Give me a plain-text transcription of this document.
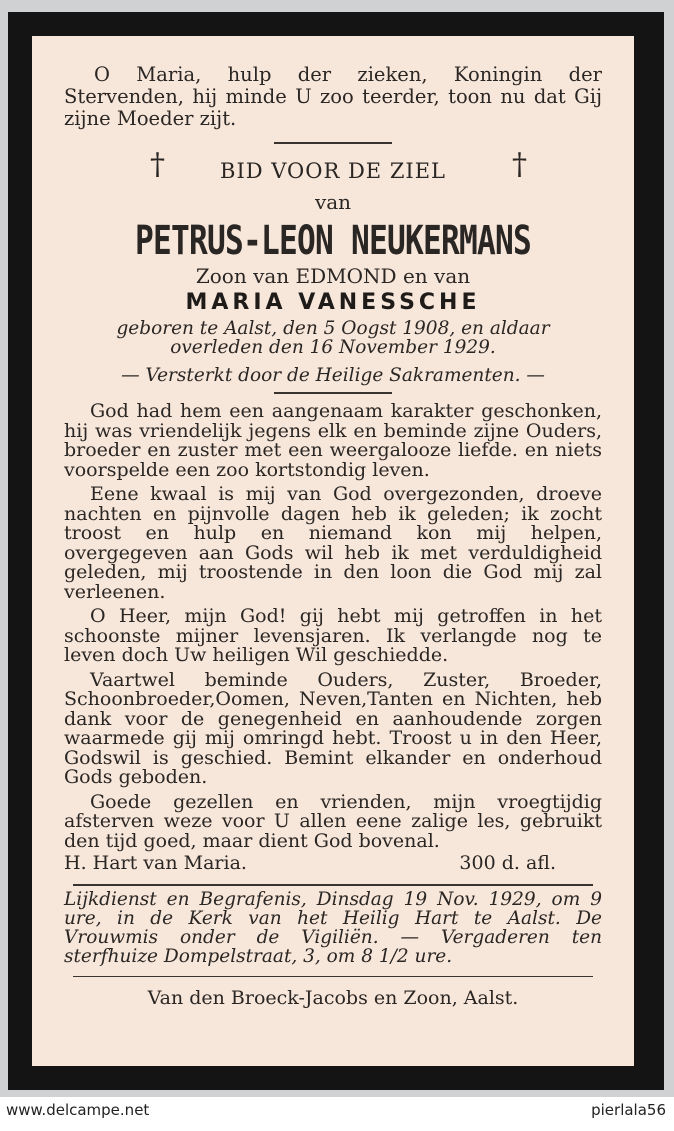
O Maria, hulp der zieken, Koningin der Stervenden, hij minde U zoo teerder, toon nu dat Gij zijne Moeder zijt.

†	BID VOOR DE ZIEL †
van
PETRUS-LEON NEUKERMANS
Zoon van EDMOND en van
MARIA VANESSCHE
geboren te Aalst, den 5 Oogst 1908, en aldaar
overleden den 16 November 1929.
— Versterkt door de Heilige Sakramenten. —

God had hem een aangenaam karakter geschonken, hij was vriendelijk jegens elk en beminde zijne Ouders, broeder en zuster met een weergalooze liefde. en niets voorspelde een zoo kortstondig leven.

Eene kwaal is mij van God overgezonden, droeve nachten en pijnvolle dagen heb ik geleden; ik zocht troost en hulp en niemand kon mij helpen, overgegeven aan Gods wil heb ik met verduldigheid geleden, mij troostende in den loon die God mij zal verleenen.

O Heer, mijn God! gij hebt mij getroffen in het schoonste mijner levensjaren. Ik verlangde nog te leven doch Uw heiligen Wil geschiedde.

Vaartwel beminde Ouders, Zuster, Broeder, Schoonbroeder,Oomen, Neven,Tanten en Nichten, heb dank voor de genegenheid en aanhoudende zorgen waarmede gij mij omringd hebt. Troost u in den Heer, Godswil is geschied. Bemint elkander en onderhoud Gods geboden.

Goede gezellen en vrienden, mijn vroegtijdig afsterven weze voor U allen eene zalige les, gebruikt den tijd goed, maar dient God bovenal.

H. Hart van Maria.	300 d. afl.

Lijkdienst en Begrafenis, Dinsdag 19 Nov. 1929, om 9 ure, in de Kerk van het Heilig Hart te Aalst. De Vrouwmis onder de Vigiliën. — Vergaderen ten sterfhuize Dompelstraat, 3, om 8 1/2 ure.

Van den Broeck-Jacobs en Zoon, Aalst.
www.delcampe.net	pierlala56
